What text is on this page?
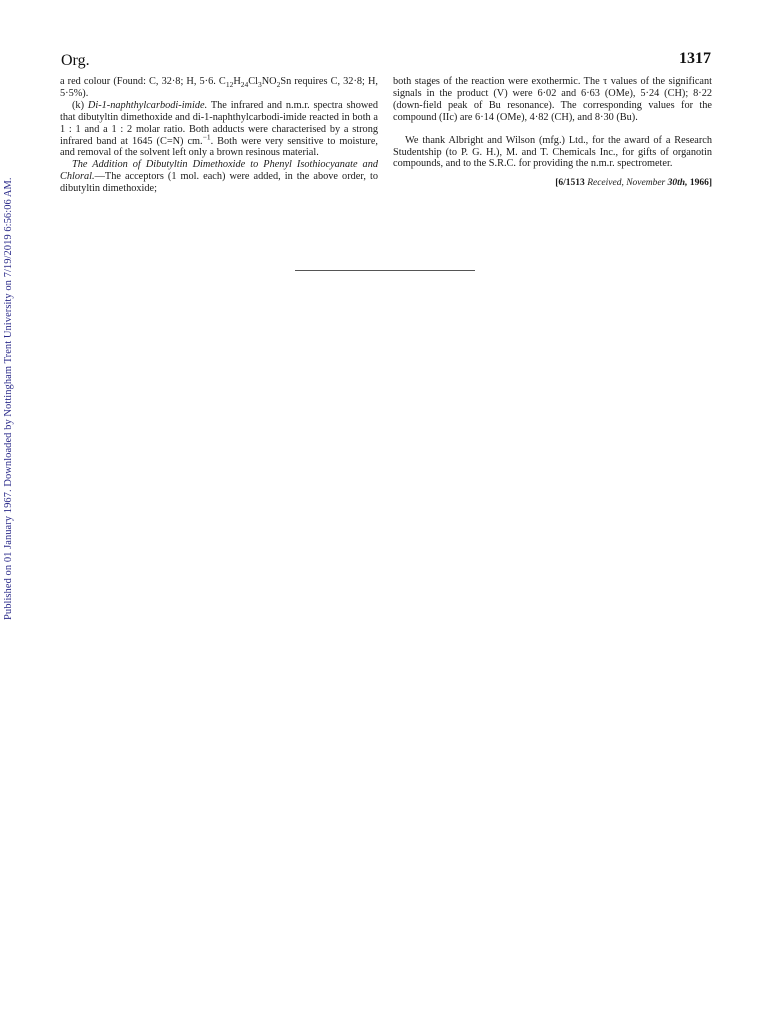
Published on 01 January 1967. Downloaded by Nottingham Trent University on 7/19/2019 6:56:06 AM.
Org.	1317

a red colour (Found: C, 32·8; H, 5·6. $C_{12}H_{24}Cl_3NO_2Sn$ requires C, 32·8; H, 5·5%).

(k) Di-1-naphthylcarbodi-imide. The infrared and n.m.r. spectra showed that dibutyltin dimethoxide and di-1-naphthylcarbodi-imide reacted in both a 1 : 1 and a 1 : 2 molar ratio. Both adducts were characterised by a strong infrared band at 1645 (C=N) cm.$^{-1}$. Both were very sensitive to moisture, and removal of the solvent left only a brown resinous material.

The Addition of Dibutyltin Dimethoxide to Phenyl Isothiocyanate and Chloral.—The acceptors (1 mol. each) were added, in the above order, to dibutyltin dimethoxide;

both stages of the reaction were exothermic. The τ values of the significant signals in the product (V) were 6·02 and 6·63 (OMe), 5·24 (CH); 8·22 (down-field peak of Bu resonance). The corresponding values for the compound (IIc) are 6·14 (OMe), 4·82 (CH), and 8·30 (Bu).

We thank Albright and Wilson (mfg.) Ltd., for the award of a Research Studentship (to P. G. H.), M. and T. Chemicals Inc., for gifts of organotin compounds, and to the S.R.C. for providing the n.m.r. spectrometer.

[6/1513 Received, November 30th, 1966]
